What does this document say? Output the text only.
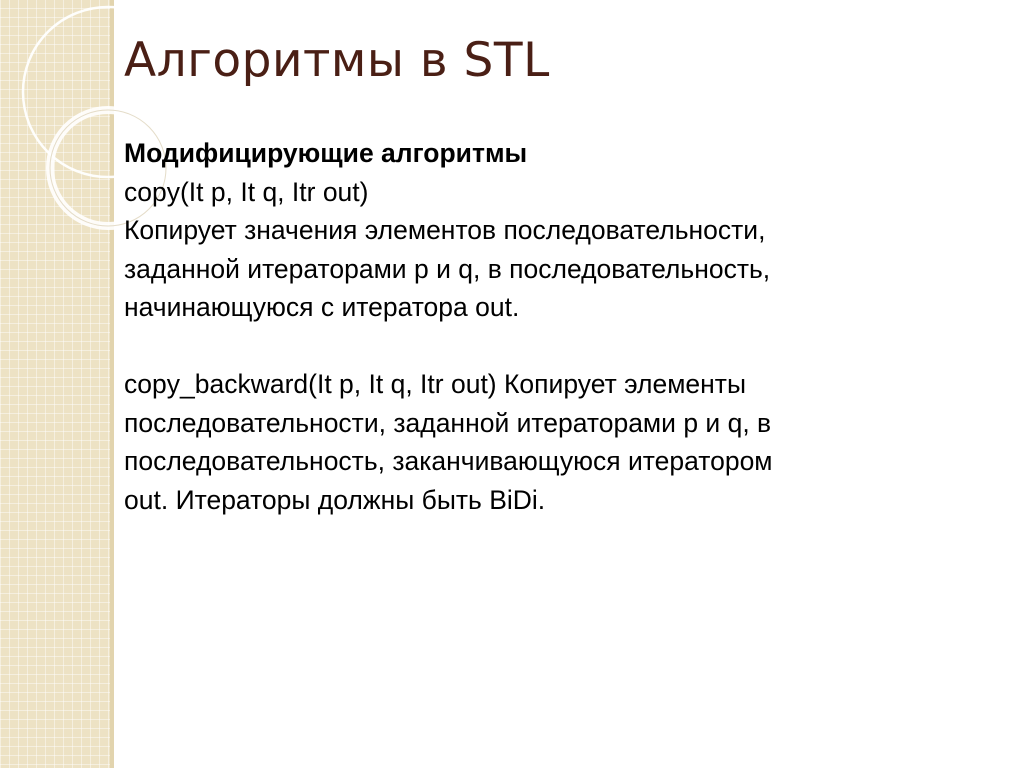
Алгоритмы в STL

Модифицирующие алгоритмы

copy(It p, It q, Itr out)

Копирует значения элементов последовательности,

заданной итераторами p и q, в последовательность,

начинающуюся с итератора out.

copy_backward(It p, It q, Itr out) Копирует элементы

последовательности, заданной итераторами p и q, в

последовательность, заканчивающуюся итератором

out. Итераторы должны быть BiDi.
